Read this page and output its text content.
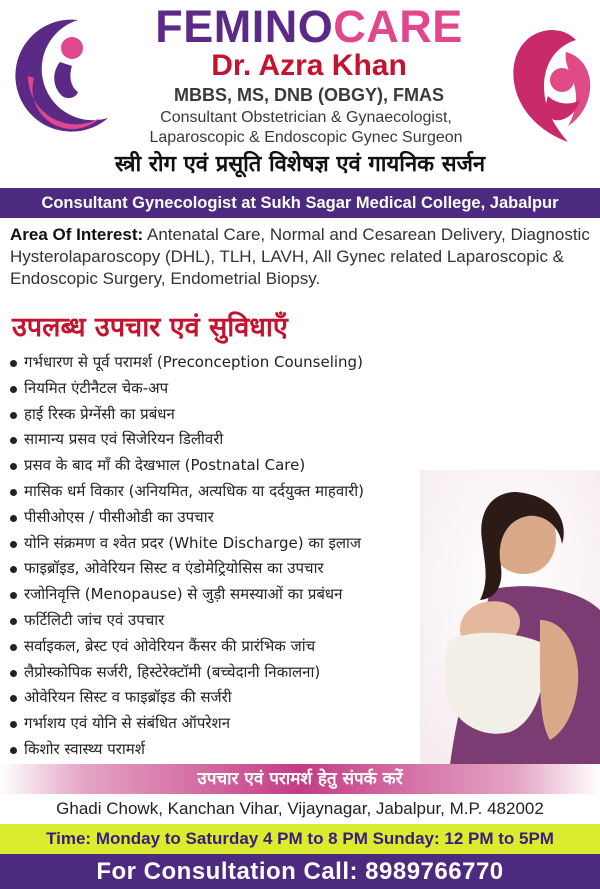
FEMINOCARE
Dr. Azra Khan
MBBS, MS, DNB (OBGY), FMAS
Consultant Obstetrician & Gynaecologist,
Laparoscopic & Endoscopic Gynec Surgeon
स्त्री रोग एवं प्रसूति विशेषज्ञ एवं गायनिक सर्जन
Consultant Gynecologist at Sukh Sagar Medical College, Jabalpur
Area Of Interest: Antenatal Care, Normal and Cesarean Delivery, Diagnostic Hysterolaparoscopy (DHL), TLH, LAVH, All Gynec related Laparoscopic & Endoscopic Surgery, Endometrial Biopsy.
उपलब्ध उपचार एवं सुविधाएँ
गर्भधारण से पूर्व परामर्श (Preconception Counseling)
नियमित एंटीनैटल चेक-अप
हाई रिस्क प्रेग्नेंसी का प्रबंधन
सामान्य प्रसव एवं सिजेरियन डिलीवरी
प्रसव के बाद माँ की देखभाल (Postnatal Care)
मासिक धर्म विकार (अनियमित, अत्यधिक या दर्दयुक्त माहवारी)
पीसीओएस / पीसीओडी का उपचार
योनि संक्रमण व श्वेत प्रदर (White Discharge) का इलाज
फाइब्रॉइड, ओवेरियन सिस्ट व एंडोमेट्रियोसिस का उपचार
रजोनिवृत्ति (Menopause) से जुड़ी समस्याओं का प्रबंधन
फर्टिलिटी जांच एवं उपचार
सर्वाइकल, ब्रेस्ट एवं ओवेरियन कैंसर की प्रारंभिक जांच
लैप्रोस्कोपिक सर्जरी, हिस्टेरेक्टॉमी (बच्चेदानी निकालना)
ओवेरियन सिस्ट व फाइब्रॉइड की सर्जरी
गर्भाशय एवं योनि से संबंधित ऑपरेशन
किशोर स्वास्थ्य परामर्श
उपचार एवं परामर्श हेतु संपर्क करें
Ghadi Chowk, Kanchan Vihar, Vijaynagar, Jabalpur, M.P. 482002
Time: Monday to Saturday 4 PM to 8 PM Sunday: 12 PM to 5PM
For Consultation Call: 8989766770
